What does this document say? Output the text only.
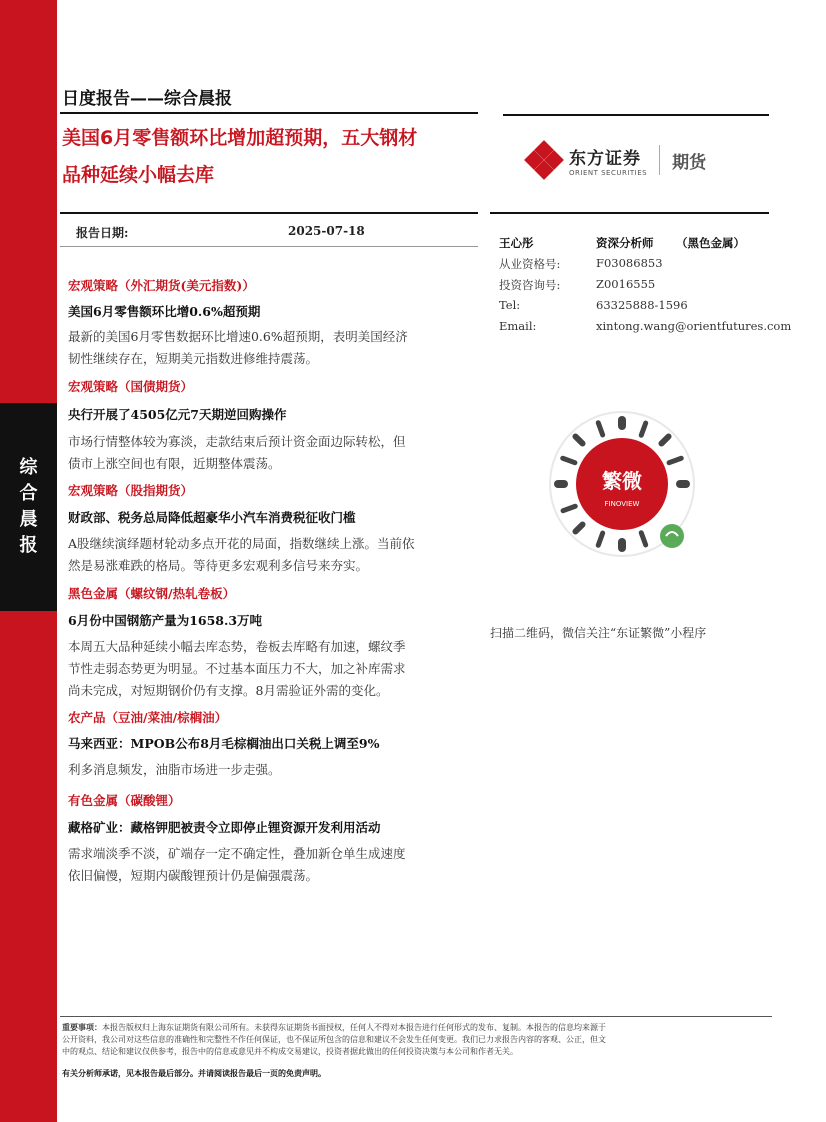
综
合
晨
报
日度报告——综合晨报
美国6月零售额环比增加超预期，五大钢材
品种延续小幅去库
东方证券
ORIENT SECURITIES 期货
报告日期:	2025-07-18
王心彤	资深分析师 （黑色金属）
从业资格号:	F03086853
投资咨询号:	Z0016555
Tel:	63325888-1596
Email:	xintong.wang@orientfutures.com
繁微
FINOVIEW
扫描二维码，微信关注“东证繁微”小程序
宏观策略（外汇期货(美元指数)）
美国6月零售额环比增0.6%超预期
最新的美国6月零售数据环比增速0.6%超预期，表明美国经济
韧性继续存在，短期美元指数进修维持震荡。
宏观策略（国债期货）
央行开展了4505亿元7天期逆回购操作
市场行情整体较为寡淡，走款结束后预计资金面边际转松，但
债市上涨空间也有限，近期整体震荡。
宏观策略（股指期货）
财政部、税务总局降低超豪华小汽车消费税征收门槛
A股继续演绎题材轮动多点开花的局面，指数继续上涨。当前依
然是易涨难跌的格局。等待更多宏观利多信号来夯实。
黑色金属（螺纹钢/热轧卷板）
6月份中国钢筋产量为1658.3万吨
本周五大品种延续小幅去库态势，卷板去库略有加速，螺纹季
节性走弱态势更为明显。不过基本面压力不大，加之补库需求
尚未完成，对短期钢价仍有支撑。8月需验证外需的变化。
农产品（豆油/菜油/棕榈油）
马来西亚：MPOB公布8月毛棕榈油出口关税上调至9%
利多消息频发，油脂市场进一步走强。
有色金属（碳酸锂）
藏格矿业：藏格钾肥被责令立即停止锂资源开发利用活动
需求端淡季不淡，矿端存一定不确定性，叠加新仓单生成速度
依旧偏慢，短期内碳酸锂预计仍是偏强震荡。
重要事项：本报告版权归上海东证期货有限公司所有。未获得东证期货书面授权，任何人不得对本报告进行任何形式的发布、复制。本报告的信息均来源于
公开资料，我公司对这些信息的准确性和完整性不作任何保证，也不保证所包含的信息和建议不会发生任何变更。我们已力求报告内容的客观、公正，但文
中的观点、结论和建议仅供参考，报告中的信息或意见并不构成交易建议，投资者据此做出的任何投资决策与本公司和作者无关。
有关分析师承诺，见本报告最后部分。并请阅读报告最后一页的免责声明。
